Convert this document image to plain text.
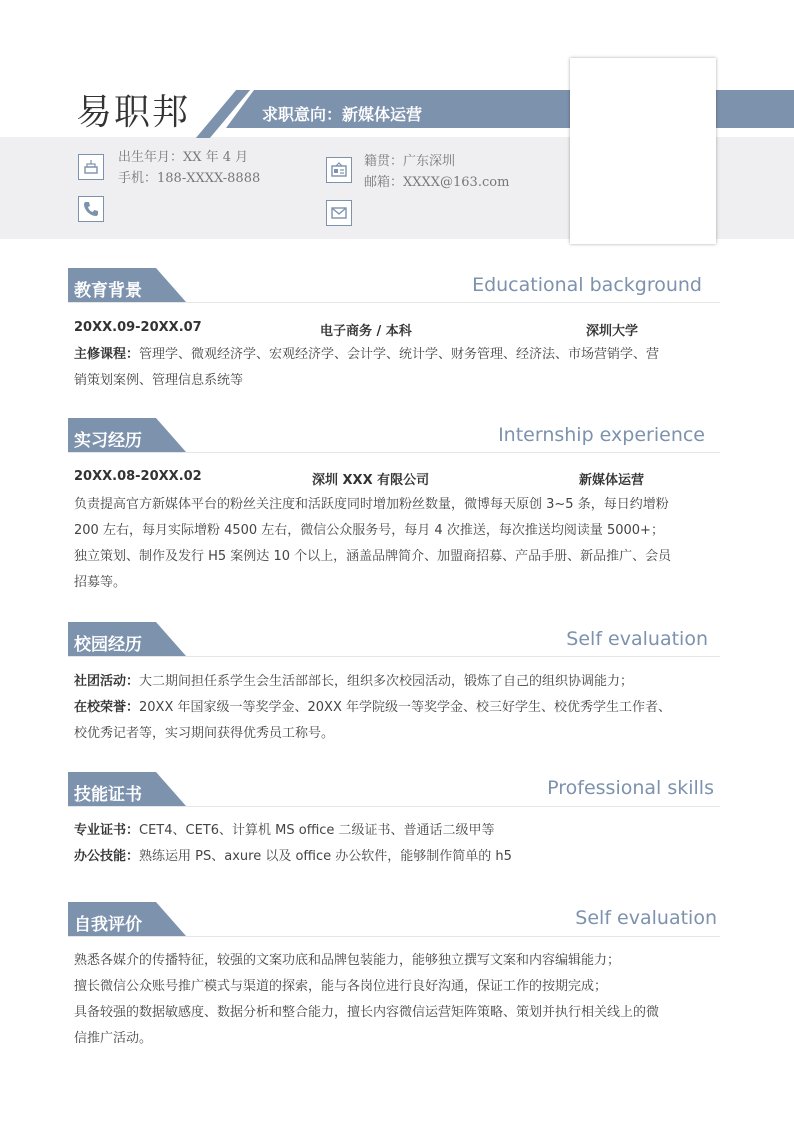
易职邦	求职意向：新媒体运营
出生年月：XX 年 4 月
手机：188-XXXX-8888
籍贯：广东深圳
邮箱：XXXX@163.com
教育背景	Educational background
20XX.09-20XX.07	电子商务 / 本科	深圳大学
主修课程：管理学、微观经济学、宏观经济学、会计学、统计学、财务管理、经济法、市场营销学、营
销策划案例、管理信息系统等
实习经历	Internship experience
20XX.08-20XX.02	深圳 XXX 有限公司	新媒体运营
负责提高官方新媒体平台的粉丝关注度和活跃度同时增加粉丝数量，微博每天原创 3~5 条，每日约增粉
200 左右，每月实际增粉 4500 左右，微信公众服务号，每月 4 次推送，每次推送均阅读量 5000+；
独立策划、制作及发行 H5 案例达 10 个以上，涵盖品牌简介、加盟商招募、产品手册、新品推广、会员
招募等。
校园经历	Self evaluation
社团活动：大二期间担任系学生会生活部部长，组织多次校园活动，锻炼了自己的组织协调能力；
在校荣誉：20XX 年国家级一等奖学金、20XX 年学院级一等奖学金、校三好学生、校优秀学生工作者、
校优秀记者等，实习期间获得优秀员工称号。
技能证书	Professional skills
专业证书：CET4、CET6、计算机 MS office 二级证书、普通话二级甲等
办公技能：熟练运用 PS、axure 以及 office 办公软件，能够制作简单的 h5
自我评价	Self evaluation
熟悉各媒介的传播特征，较强的文案功底和品牌包装能力，能够独立撰写文案和内容编辑能力；
擅长微信公众账号推广模式与渠道的探索，能与各岗位进行良好沟通，保证工作的按期完成；
具备较强的数据敏感度、数据分析和整合能力，擅长内容微信运营矩阵策略、策划并执行相关线上的微
信推广活动。
